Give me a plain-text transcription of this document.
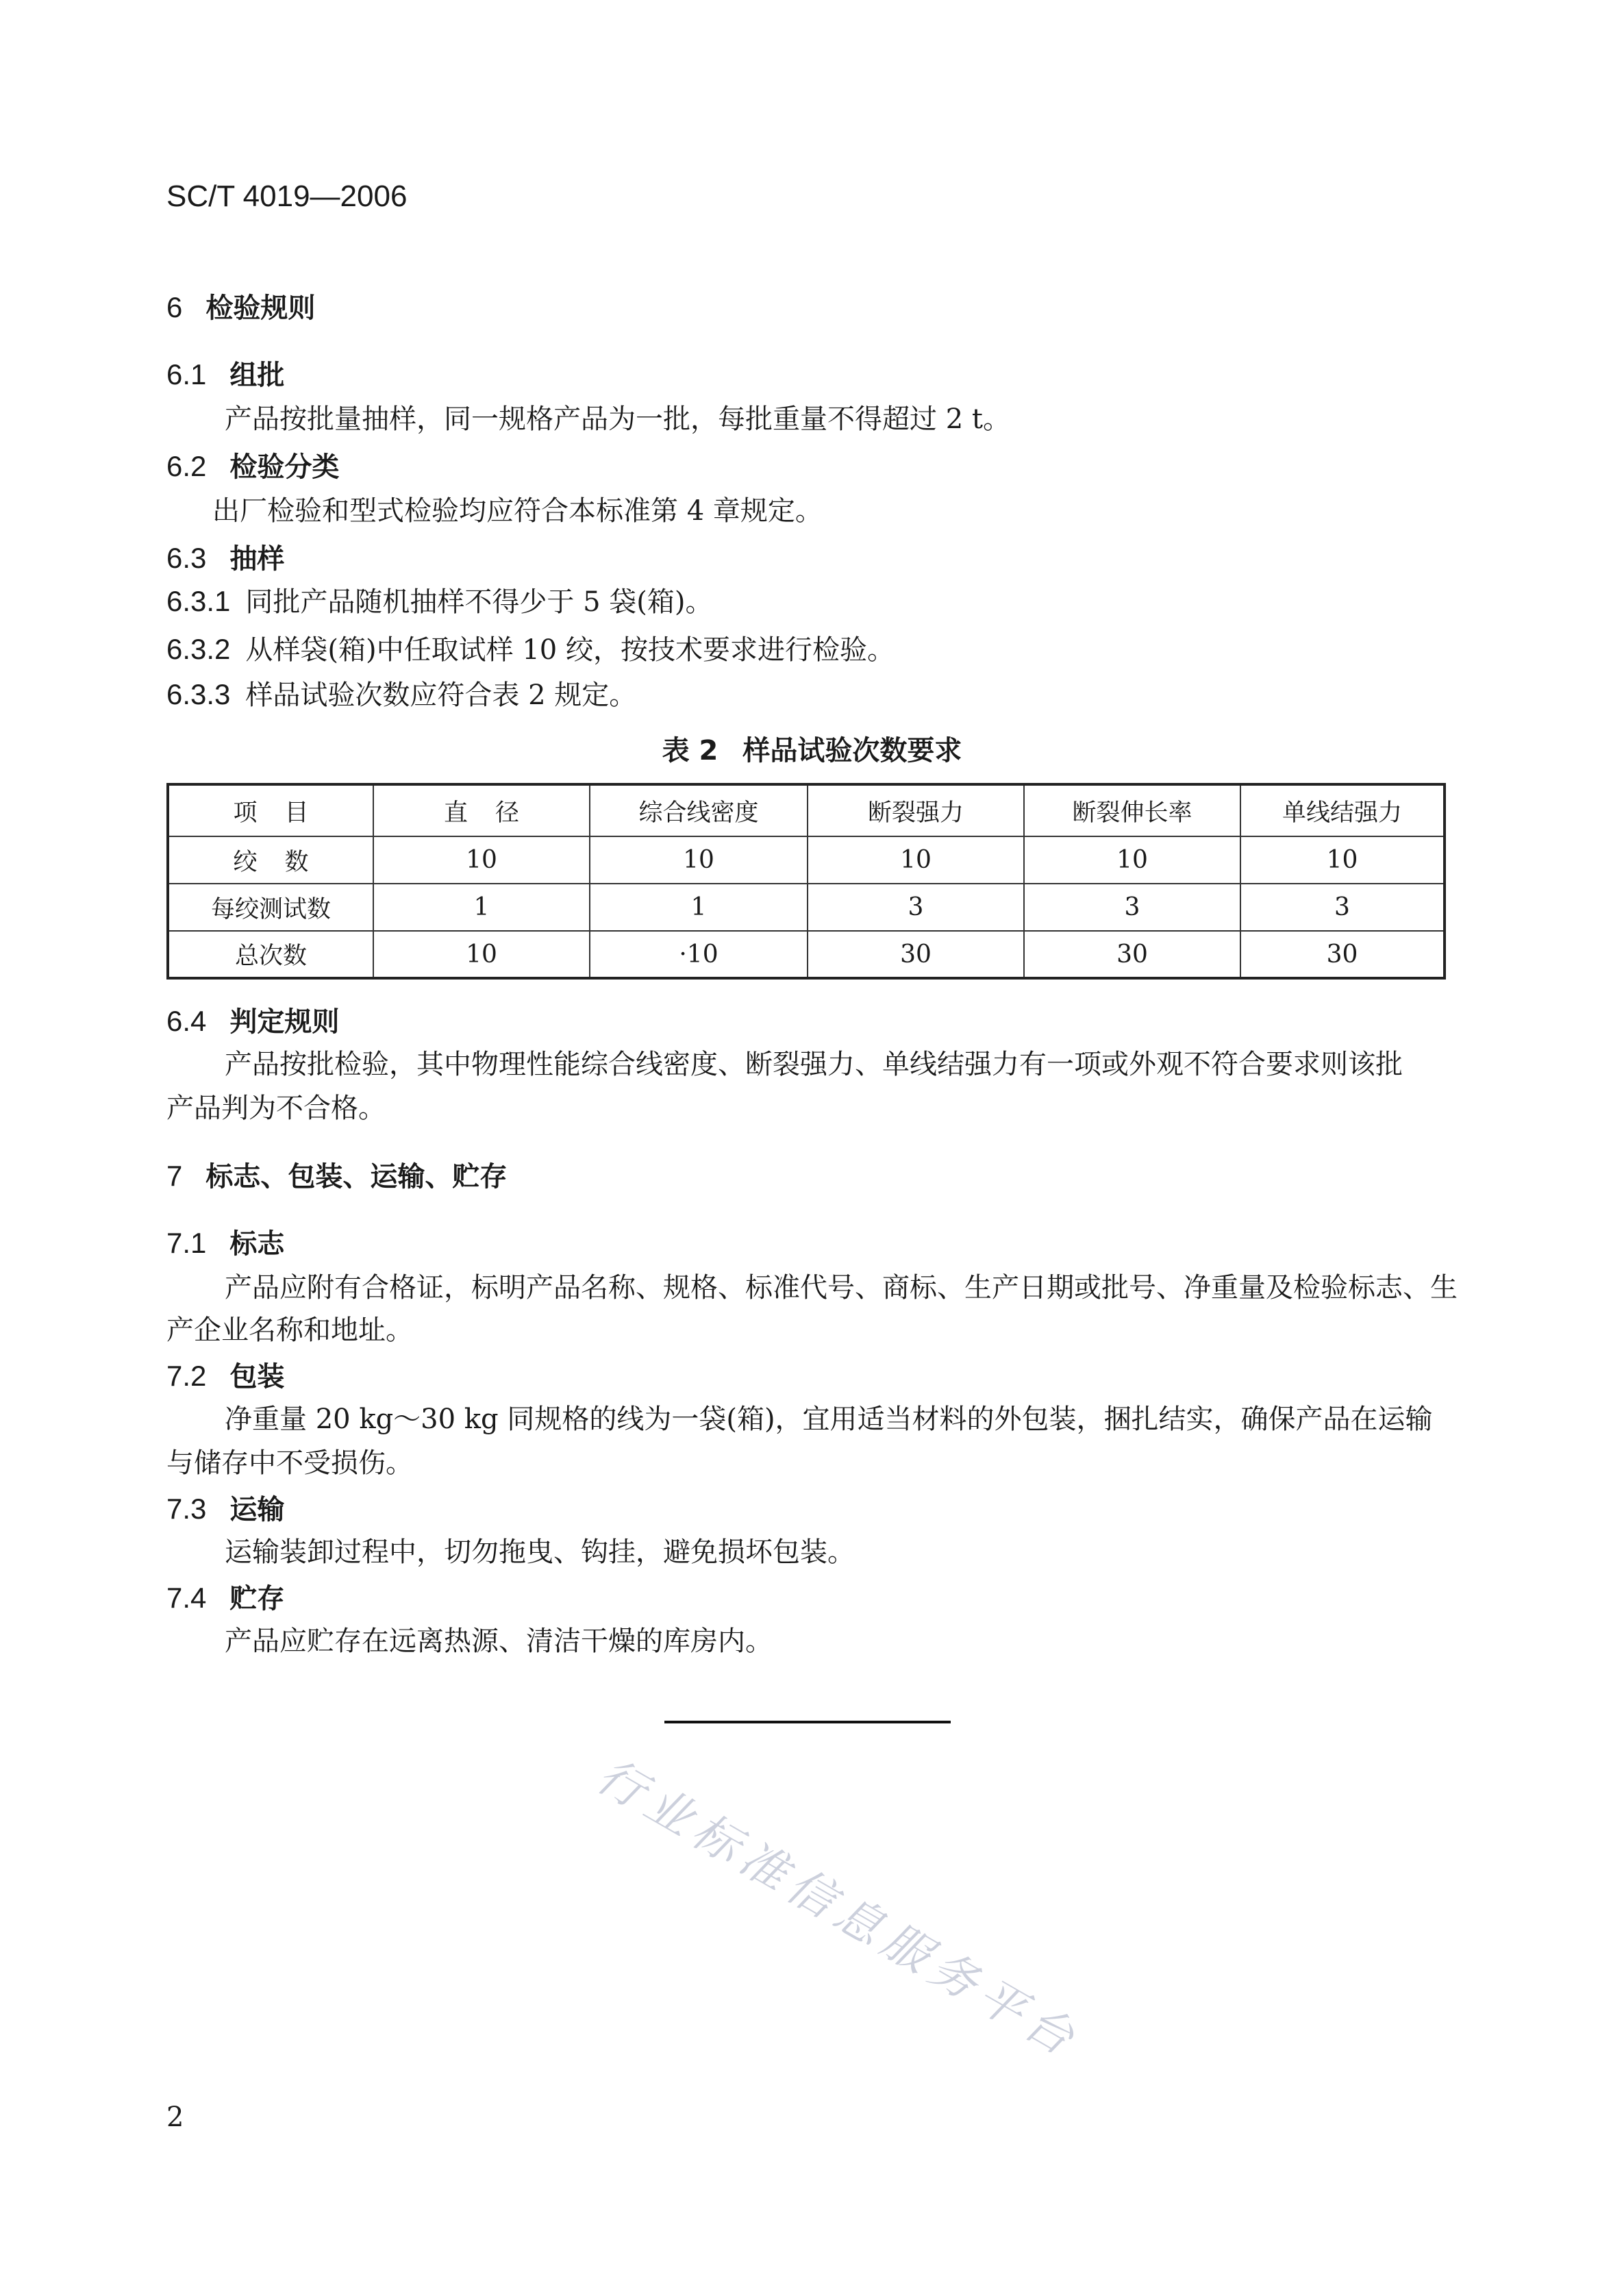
SC/T 4019—2006
6 检验规则
6.1 组批
产品按批量抽样，同一规格产品为一批，每批重量不得超过 2 t。
6.2 检验分类
出厂检验和型式检验均应符合本标准第 4 章规定。
6.3 抽样
6.3.1 同批产品随机抽样不得少于 5 袋(箱)。
6.3.2 从样袋(箱)中任取试样 10 绞，按技术要求进行检验。
6.3.3 样品试验次数应符合表 2 规定。
表 2 样品试验次数要求
项目	直径	综合线密度	断裂强力	断裂伸长率	单线结强力
绞数	10	10	10	10	10
每绞测试数	1	1	3	3	3
总次数	10	·10	30	30	30
6.4 判定规则
产品按批检验，其中物理性能综合线密度、断裂强力、单线结强力有一项或外观不符合要求则该批
产品判为不合格。
7 标志、包装、运输、贮存
7.1 标志
产品应附有合格证，标明产品名称、规格、标准代号、商标、生产日期或批号、净重量及检验标志、生
产企业名称和地址。
7.2 包装
净重量 20 kg～30 kg 同规格的线为一袋(箱)，宜用适当材料的外包装，捆扎结实，确保产品在运输
与储存中不受损伤。
7.3 运输
运输装卸过程中，切勿拖曳、钩挂，避免损坏包装。
7.4 贮存
产品应贮存在远离热源、清洁干燥的库房内。
行业标准信息服务平台
2
